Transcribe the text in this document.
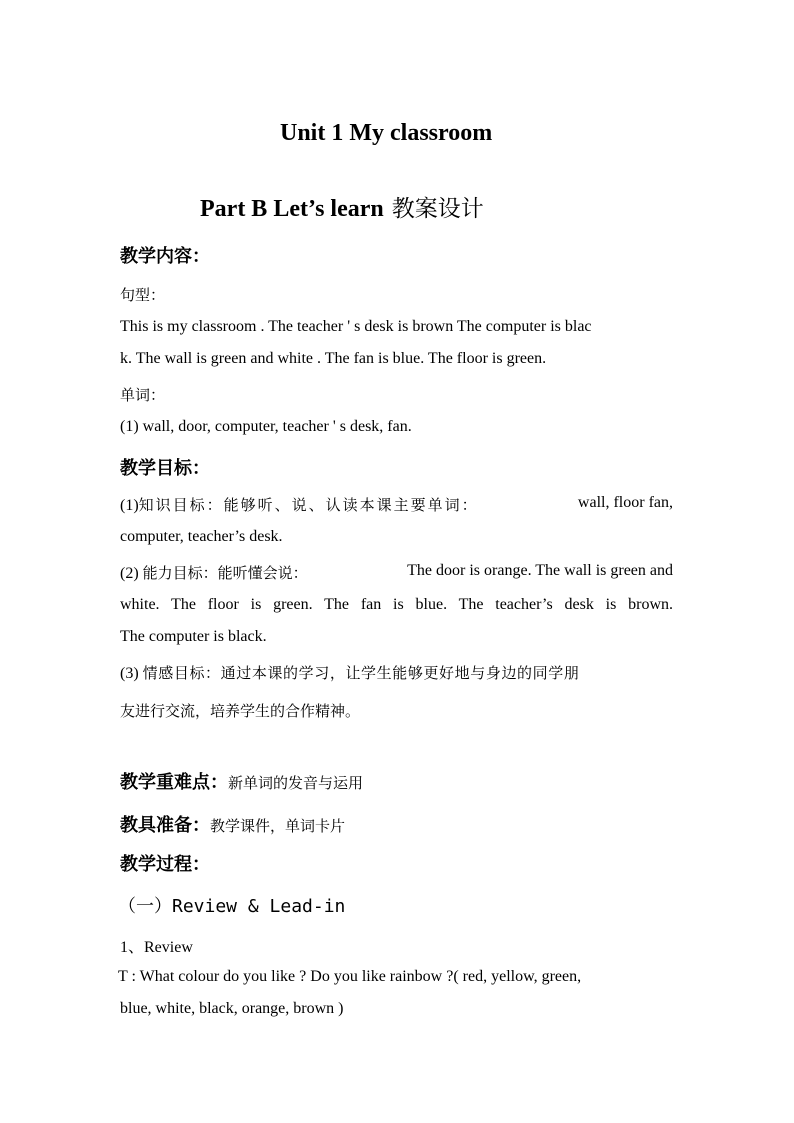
Unit 1 My classroom
Part B Let’s learn 教案设计
教学内容：
句型：
This is my classroom . The teacher ' s desk is brown The computer is blac
k. The wall is green and white . The fan is blue. The floor is green.
单词：
(1) wall, door, computer, teacher ' s desk, fan.
教学目标：
(1)知识目标：能够听、说、认读本课主要单词：	wall, floor fan,
computer, teacher’s desk.
(2) 能力目标：能听懂会说：	The door is orange. The wall is green and
white. The floor is green. The fan is blue. The teacher’s desk is brown.
The computer is black.
(3) 情感目标：通过本课的学习，让学生能够更好地与身边的同学朋
友进行交流，培养学生的合作精神。
教学重难点：新单词的发音与运用
教具准备：教学课件，单词卡片
教学过程：
（一）Review & Lead-in
1、Review
T : What colour do you like ? Do you like rainbow ?( red, yellow, green,
blue, white, black, orange, brown )
